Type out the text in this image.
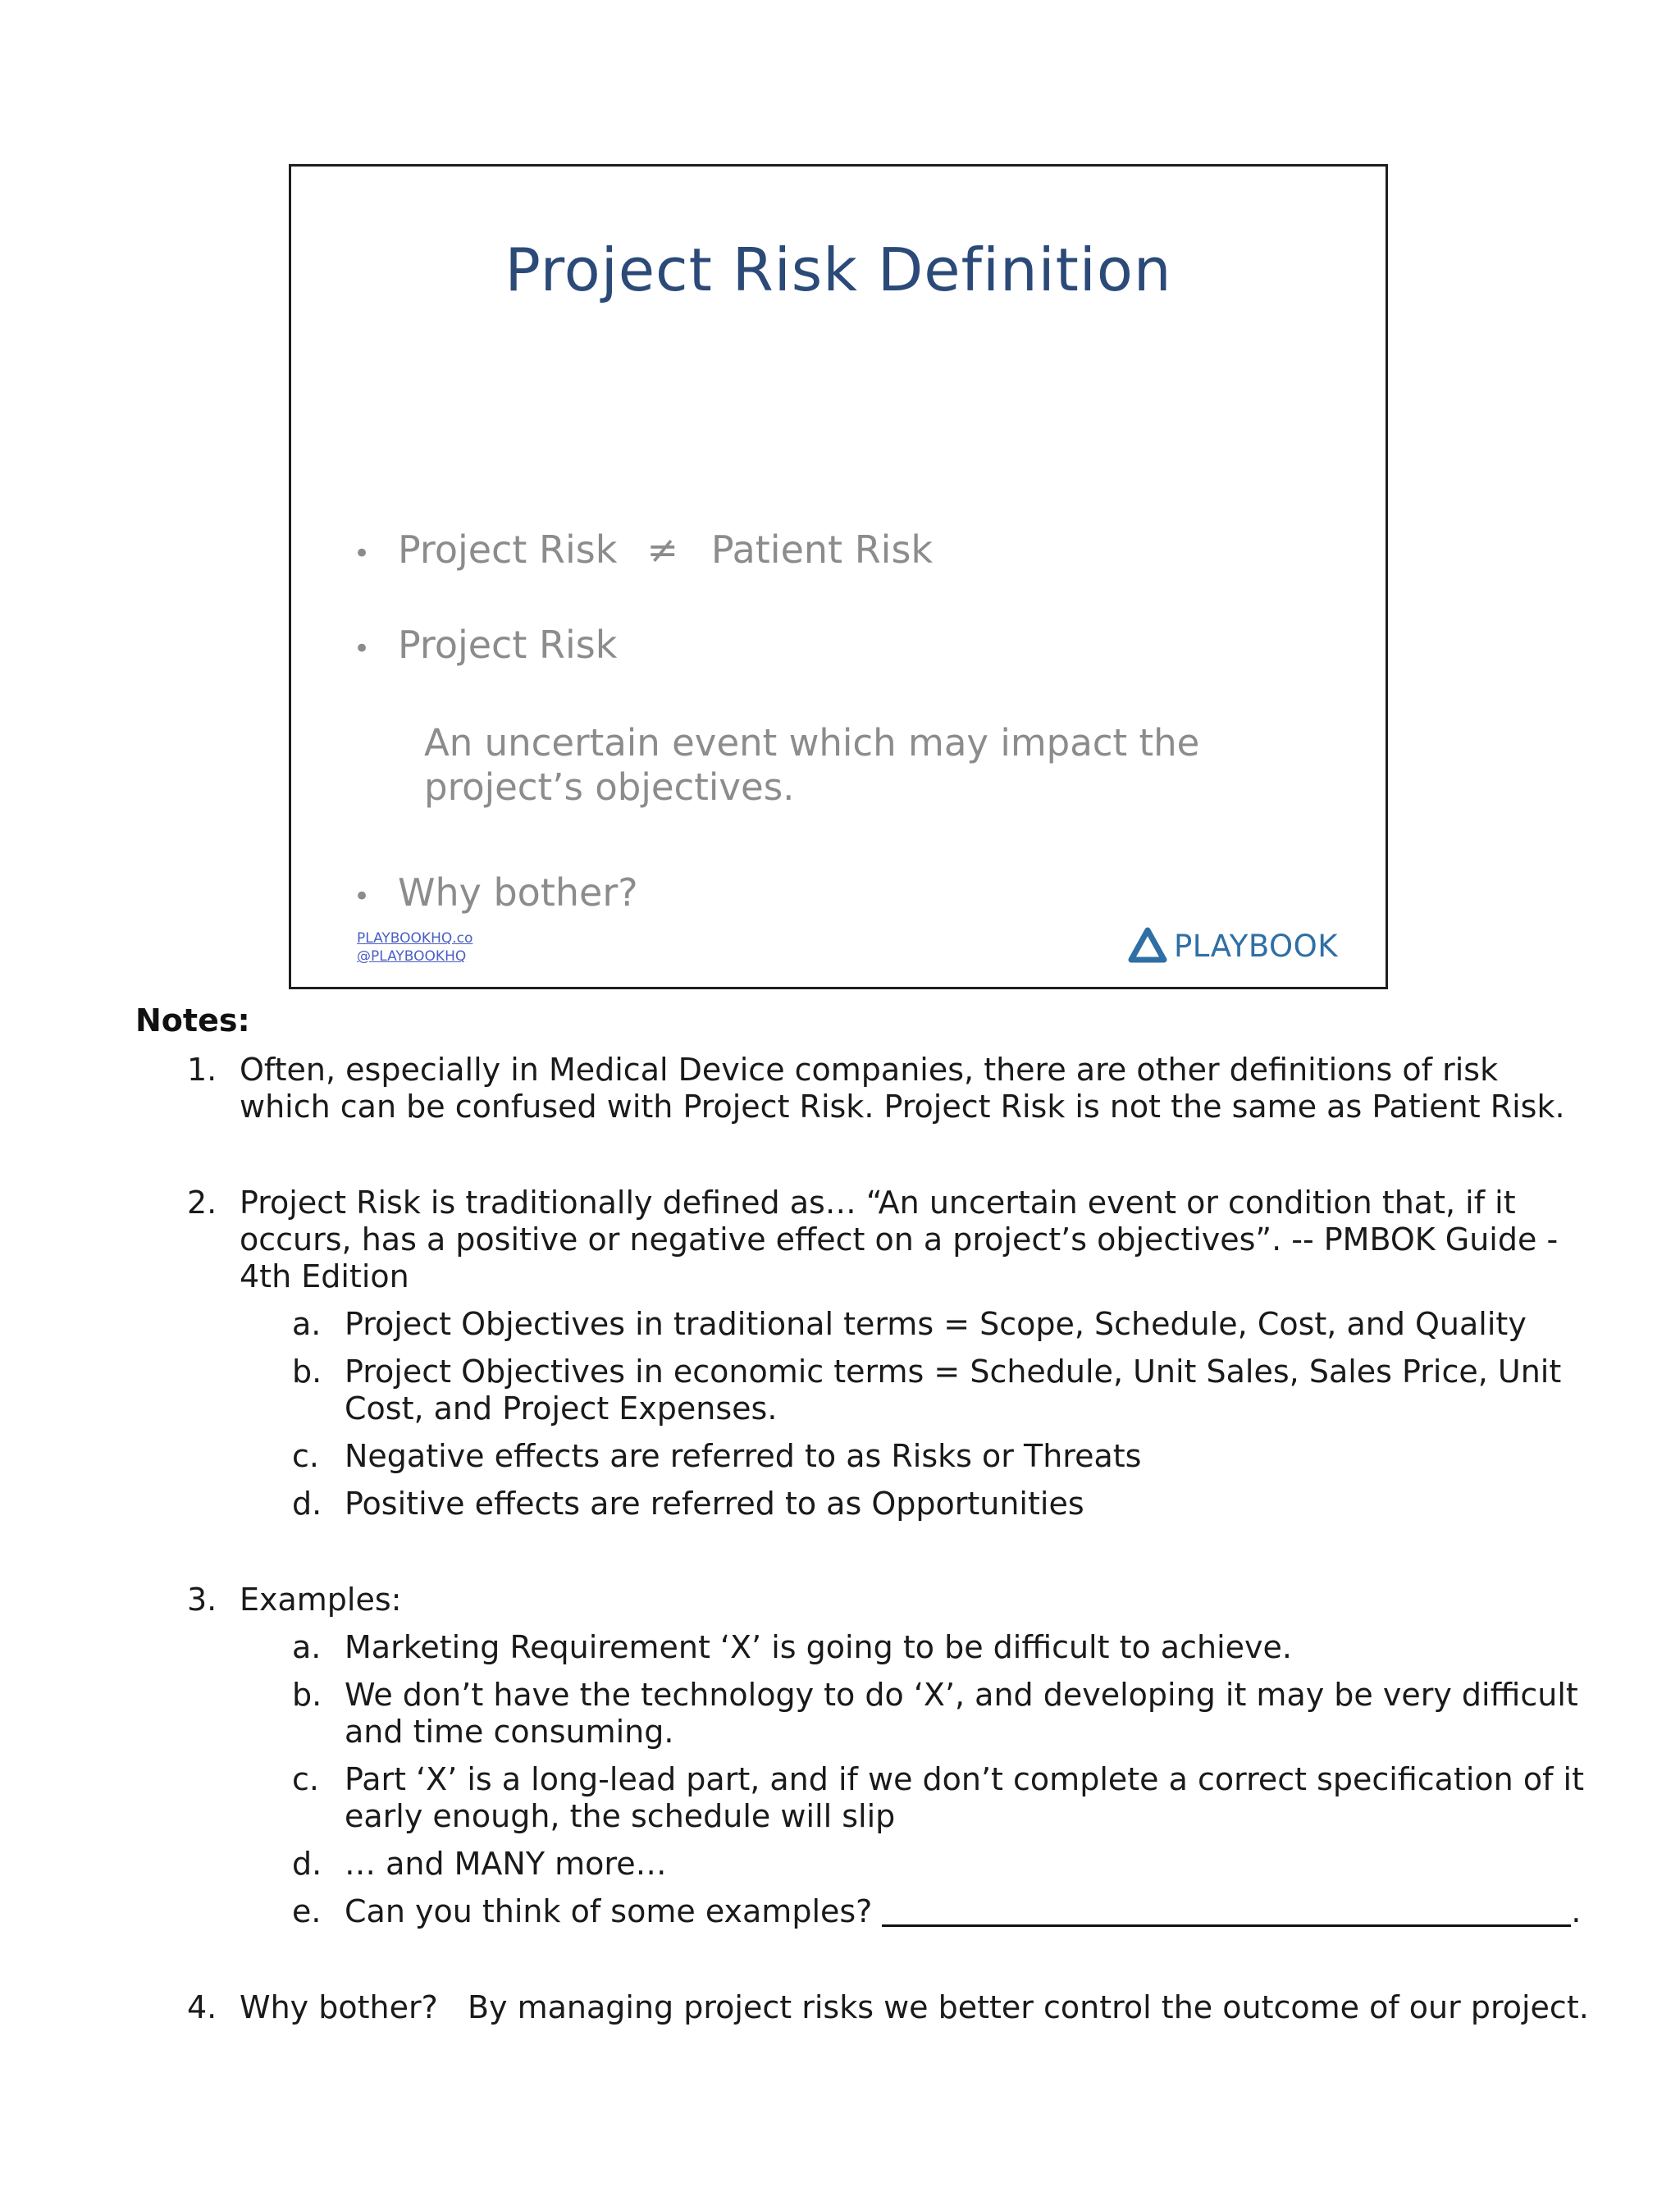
Project Risk Definition
• Project Risk ≠ Patient Risk
• Project Risk
An uncertain event which may impact the project’s objectives.
• Why bother?
PLAYBOOKHQ.co
@PLAYBOOKHQ	PLAYBOOK
Notes:
1. Often, especially in Medical Device companies, there are other definitions of risk which can be confused with Project Risk. Project Risk is not the same as Patient Risk.
2. Project Risk is traditionally defined as… “An uncertain event or condition that, if it occurs, has a positive or negative effect on a project’s objectives”. -- PMBOK Guide - 4th Edition
a. Project Objectives in traditional terms = Scope, Schedule, Cost, and Quality
b. Project Objectives in economic terms = Schedule, Unit Sales, Sales Price, Unit Cost, and Project Expenses.
c. Negative effects are referred to as Risks or Threats
d. Positive effects are referred to as Opportunities
3. Examples:
a. Marketing Requirement ‘X’ is going to be difficult to achieve.
b. We don’t have the technology to do ‘X’, and developing it may be very difficult and time consuming.
c. Part ‘X’ is a long-lead part, and if we don’t complete a correct specification of it early enough, the schedule will slip
d. … and MANY more…
e. Can you think of some examples?	.
4. Why bother?   By managing project risks we better control the outcome of our project.
